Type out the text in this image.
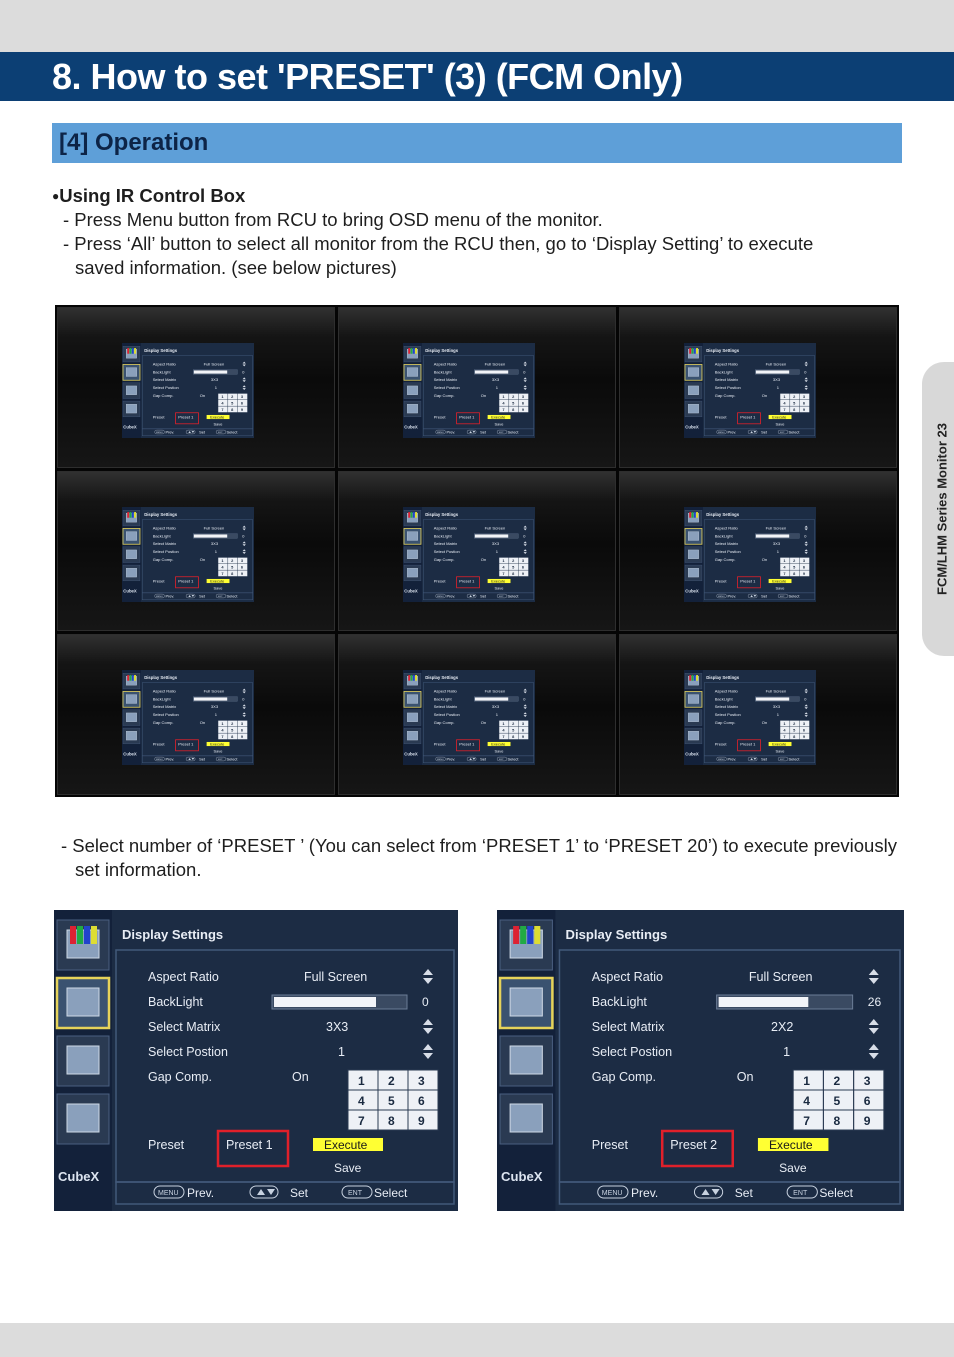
8. How to set 'PRESET' (3) (FCM Only)
[4] Operation
FCM/LHM Series Monitor 23
●Using IR Control Box
- Press Menu button from RCU to bring OSD menu of the monitor.
- Press ‘All’ button to select all monitor from the RCU then, go to ‘Display Setting’ to execute
saved information. (see below pictures)
Display Settings
Aspect Ratio Full Screen
BackLight	0
Select Matrix	3X3
Select Postion	1
Gap Comp. On 1 2 3
4 5 6
7 8 9
Preset Preset 1 Execute
Save
CubeX
MENU Prev. Set ENT Select
Display Settings
Aspect Ratio Full Screen
BackLight	0
Select Matrix	3X3
Select Postion	1
Gap Comp. On 1 2 3
4 5 6
7 8 9
Preset Preset 1 Execute
Save
CubeX
MENU Prev. Set ENT Select
Display Settings
Aspect Ratio Full Screen
BackLight	0
Select Matrix	3X3
Select Postion	1
Gap Comp. On 1 2 3
4 5 6
7 8 9
Preset Preset 1 Execute
Save
CubeX
MENU Prev. Set ENT Select
Display Settings
Aspect Ratio Full Screen
BackLight	0
Select Matrix	3X3
Select Postion	1
Gap Comp. On 1 2 3
4 5 6
7 8 9
Preset Preset 1 Execute
Save
CubeX
MENU Prev. Set ENT Select
Display Settings
Aspect Ratio Full Screen
BackLight	0
Select Matrix	3X3
Select Postion	1
Gap Comp. On 1 2 3
4 5 6
7 8 9
Preset Preset 1 Execute
Save
CubeX
MENU Prev. Set ENT Select
Display Settings
Aspect Ratio Full Screen
BackLight	0
Select Matrix	3X3
Select Postion	1
Gap Comp. On 1 2 3
4 5 6
7 8 9
Preset Preset 1 Execute
Save
CubeX
MENU Prev. Set ENT Select
Display Settings
Aspect Ratio Full Screen
BackLight	0
Select Matrix	3X3
Select Postion	1
Gap Comp. On 1 2 3
4 5 6
7 8 9
Preset Preset 1 Execute
Save
CubeX
MENU Prev. Set ENT Select
Display Settings
Aspect Ratio Full Screen
BackLight	0
Select Matrix	3X3
Select Postion	1
Gap Comp. On 1 2 3
4 5 6
7 8 9
Preset Preset 1 Execute
Save
CubeX
MENU Prev. Set ENT Select
Display Settings
Aspect Ratio Full Screen
BackLight	0
Select Matrix	3X3
Select Postion	1
Gap Comp. On 1 2 3
4 5 6
7 8 9
Preset Preset 1 Execute
Save
CubeX
MENU Prev. Set ENT Select
- Select number of ‘PRESET ’ (You can select from ‘PRESET 1’ to ‘PRESET 20’) to execute previously
set information.
Display Settings
Aspect Ratio	Full Screen
BackLight	0
Select Matrix	3X3
Select Postion	1
Gap Comp.	On	1 2 3
4 5 6
7 8 9
Preset	Preset 1	Execute
Save
CubeX
MENU Prev.	Set	ENT Select
Display Settings
Aspect Ratio	Full Screen
BackLight	26
Select Matrix	2X2
Select Postion	1
Gap Comp.	On	1 2 3
4 5 6
7 8 9
Preset	Preset 2	Execute
Save
CubeX
MENU Prev.	Set	ENT Select
